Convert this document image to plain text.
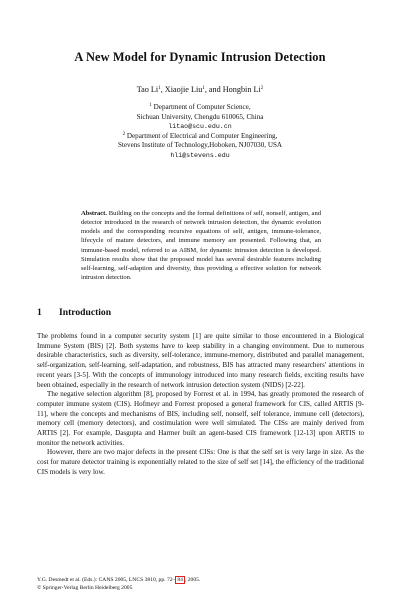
A New Model for Dynamic Intrusion Detection
Tao Li$^1$, Xiaojie Liu$^1$, and Hongbin Li$^2$
$^1$ Department of Computer Science,
Sichuan University, Chengdu 610065, China
litao@scu.edu.cn
$^2$ Department of Electrical and Computer Engineering,
Stevens Institute of Technology,Hoboken, NJ07030, USA
hli@stevens.edu
Abstract. Building on the concepts and the formal definitions of self, nonself, antigen, and detector introduced in the research of network intrusion detection, the dynamic evolution models and the corresponding recursive equations of self, antigen, immune-tolerance, lifecycle of mature detectors, and immune memory are presented. Following that, an immune-based model, referred to as AIBM, for dynamic intrusion detection is developed. Simulation results show that the proposed model has several desirable features including self-learning, self-adaption and diversity, thus providing a effective solution for network intrusion detection.
1 Introduction

The problems found in a computer security system [1] are quite similar to those encountered in a Biological Immune System (BIS) [2]. Both systems have to keep stability in a changing environment. Due to numerous desirable characteristics, such as diversity, self-tolerance, immune-memory, distributed and parallel management, self-organization, self-learning, self-adaptation, and robustness, BIS has attracted many researchers' attentions in recent years [3-5]. With the concepts of immunology introduced into many research fields, exciting results have been obtained, especially in the research of network intrusion detection system (NIDS) [2-22].

The negative selection algorithm [8], proposed by Forrest et al. in 1994, has greatly promoted the research of computer immune system (CIS). Hofmeyr and Forrest proposed a general framework for CIS, called ARTIS [9-11], where the concepts and mechanisms of BIS, including self, nonself, self tolerance, immune cell (detectors), memory cell (memory detectors), and costimulation were well simulated. The CISs are mainly derived from ARTIS [2]. For example, Dasgupta and Harmer built an agent-based CIS framework [12-13] upon ARTIS to monitor the network activities.

However, there are two major defects in the present CISs: One is that the self set is very large in size. As the cost for mature detector training is exponentially related to the size of self set [14], the efficiency of the traditional CIS models is very low.

Y.G. Desmedt et al. (Eds.): CANS 2005, LNCS 3810, pp. 72– 84 , 2005.
© Springer-Verlag Berlin Heidelberg 2005
